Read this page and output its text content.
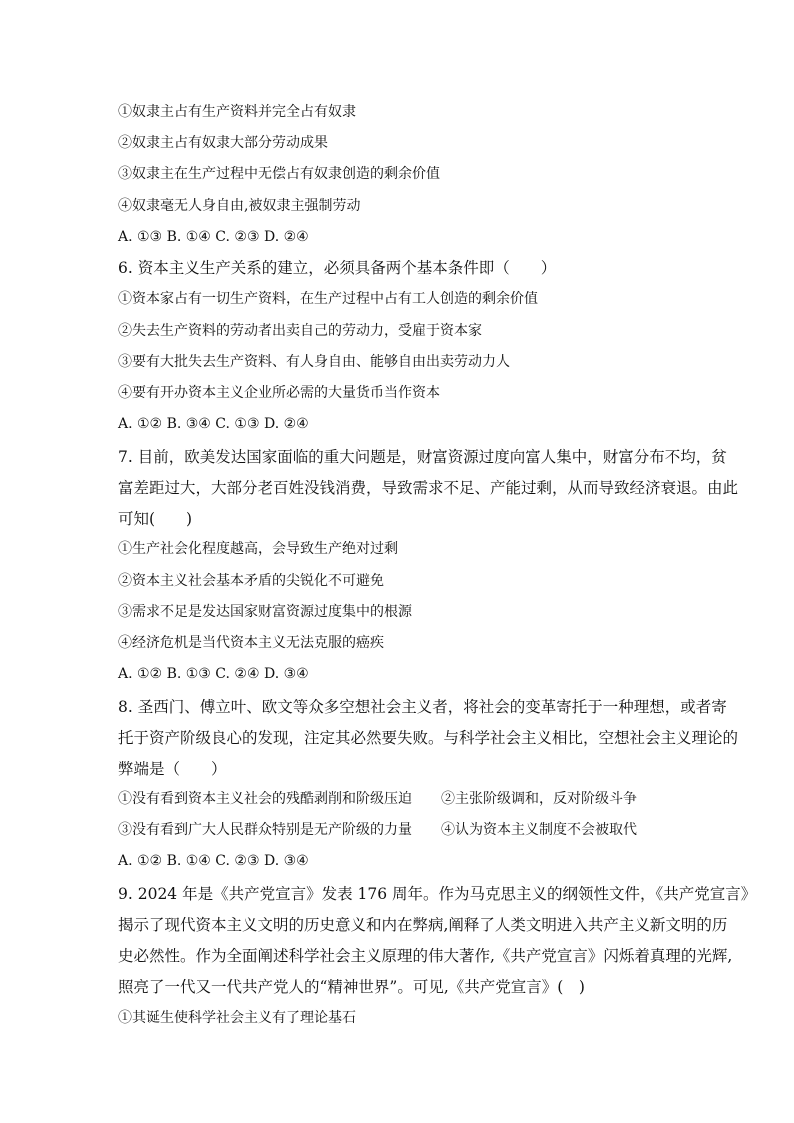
①奴隶主占有生产资料并完全占有奴隶
②奴隶主占有奴隶大部分劳动成果
③奴隶主在生产过程中无偿占有奴隶创造的剩余价值
④奴隶毫无人身自由,被奴隶主强制劳动
A. ①③ B. ①④ C. ②③ D. ②④
6. 资本主义生产关系的建立，必须具备两个基本条件即（　　）
①资本家占有一切生产资料，在生产过程中占有工人创造的剩余价值
②失去生产资料的劳动者出卖自己的劳动力，受雇于资本家
③要有大批失去生产资料、有人身自由、能够自由出卖劳动力人
④要有开办资本主义企业所必需的大量货币当作资本
A. ①② B. ③④ C. ①③ D. ②④
7. 目前，欧美发达国家面临的重大问题是，财富资源过度向富人集中，财富分布不均，贫
富差距过大，大部分老百姓没钱消费，导致需求不足、产能过剩，从而导致经济衰退。由此
可知(　　)
①生产社会化程度越高，会导致生产绝对过剩
②资本主义社会基本矛盾的尖锐化不可避免
③需求不足是发达国家财富资源过度集中的根源
④经济危机是当代资本主义无法克服的癌疾
A. ①② B. ①③ C. ②④ D. ③④
8. 圣西门、傅立叶、欧文等众多空想社会主义者，将社会的变革寄托于一种理想，或者寄
托于资产阶级良心的发现，注定其必然要失败。与科学社会主义相比，空想社会主义理论的
弊端是（　　）
①没有看到资本主义社会的残酷剥削和阶级压迫 ②主张阶级调和，反对阶级斗争
③没有看到广大人民群众特别是无产阶级的力量 ④认为资本主义制度不会被取代
A. ①② B. ①④ C. ②③ D. ③④
9. 2024 年是《共产党宣言》发表 176 周年。作为马克思主义的纲领性文件，《共产党宣言》
揭示了现代资本主义文明的历史意义和内在弊病,阐释了人类文明进入共产主义新文明的历
史必然性。作为全面阐述科学社会主义原理的伟大著作,《共产党宣言》闪烁着真理的光辉,
照亮了一代又一代共产党人的“精神世界”。可见,《共产党宣言》(　)
①其诞生使科学社会主义有了理论基石
